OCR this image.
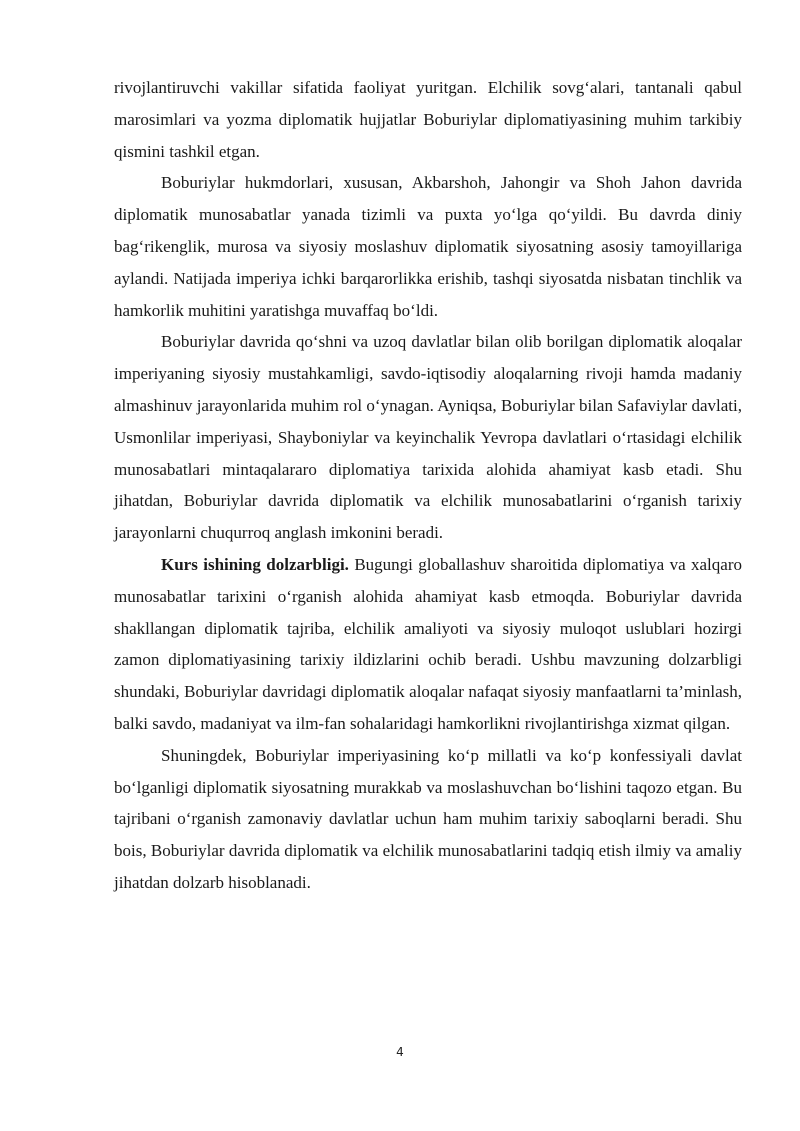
rivojlantiruvchi vakillar sifatida faoliyat yuritgan. Elchilik sovg‘alari, tantanali qabul marosimlari va yozma diplomatik hujjatlar Boburiylar diplomatiyasining muhim tarkibiy qismini tashkil etgan.

Boburiylar hukmdorlari, xususan, Akbarshoh, Jahongir va Shoh Jahon davrida diplomatik munosabatlar yanada tizimli va puxta yo‘lga qo‘yildi. Bu davrda diniy bag‘rikenglik, murosa va siyosiy moslashuv diplomatik siyosatning asosiy tamoyillariga aylandi. Natijada imperiya ichki barqarorlikka erishib, tashqi siyosatda nisbatan tinchlik va hamkorlik muhitini yaratishga muvaffaq bo‘ldi.

Boburiylar davrida qo‘shni va uzoq davlatlar bilan olib borilgan diplomatik aloqalar imperiyaning siyosiy mustahkamligi, savdo-iqtisodiy aloqalarning rivoji hamda madaniy almashinuv jarayonlarida muhim rol o‘ynagan. Ayniqsa, Boburiylar bilan Safaviylar davlati, Usmonlilar imperiyasi, Shayboniylar va keyinchalik Yevropa davlatlari o‘rtasidagi elchilik munosabatlari mintaqalararo diplomatiya tarixida alohida ahamiyat kasb etadi. Shu jihatdan, Boburiylar davrida diplomatik va elchilik munosabatlarini o‘rganish tarixiy jarayonlarni chuqurroq anglash imkonini beradi.

Kurs ishining dolzarbligi. Bugungi globallashuv sharoitida diplomatiya va xalqaro munosabatlar tarixini o‘rganish alohida ahamiyat kasb etmoqda. Boburiylar davrida shakllangan diplomatik tajriba, elchilik amaliyoti va siyosiy muloqot uslublari hozirgi zamon diplomatiyasining tarixiy ildizlarini ochib beradi. Ushbu mavzuning dolzarbligi shundaki, Boburiylar davridagi diplomatik aloqalar nafaqat siyosiy manfaatlarni ta’minlash, balki savdo, madaniyat va ilm-fan sohalaridagi hamkorlikni rivojlantirishga xizmat qilgan.

Shuningdek, Boburiylar imperiyasining ko‘p millatli va ko‘p konfessiyali davlat bo‘lganligi diplomatik siyosatning murakkab va moslashuvchan bo‘lishini taqozo etgan. Bu tajribani o‘rganish zamonaviy davlatlar uchun ham muhim tarixiy saboqlarni beradi. Shu bois, Boburiylar davrida diplomatik va elchilik munosabatlarini tadqiq etish ilmiy va amaliy jihatdan dolzarb hisoblanadi.

4
